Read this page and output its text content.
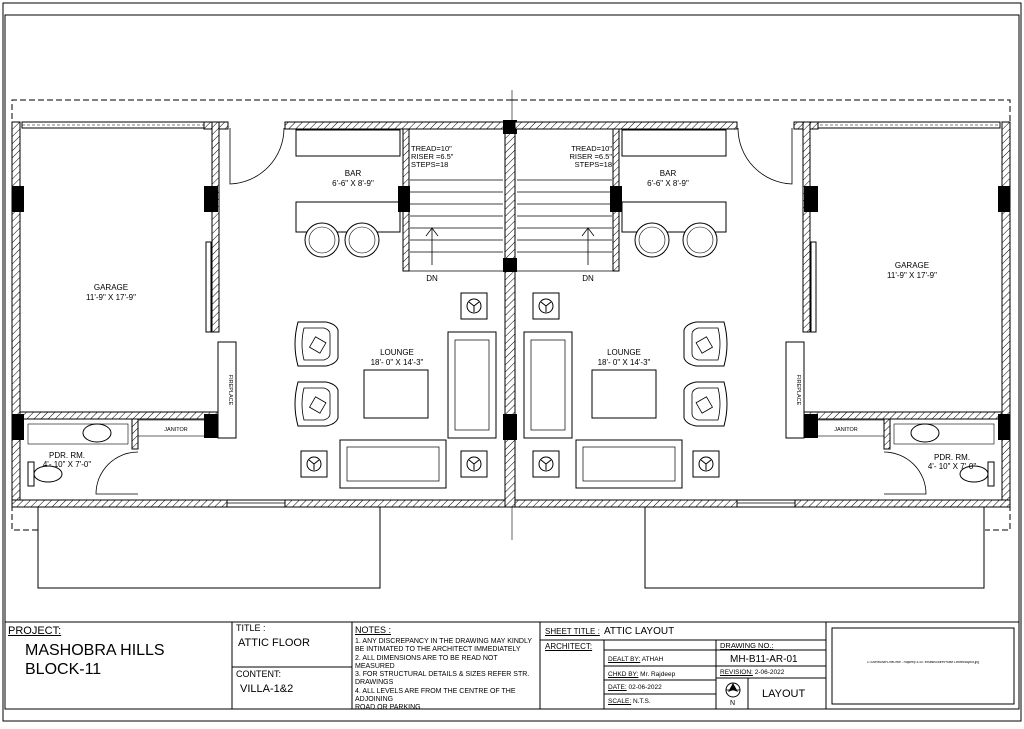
BAR
6'-6" X 8'-9"
BAR
6'-6" X 8'-9"
GARAGE
11'-9" X 17'-9"
GARAGE
11'-9" X 17'-9"
LOUNGE
18'- 0" X 14'-3"
LOUNGE
18'- 0" X 14'-3"
PDR. RM.
4'- 10" X 7'-0"
PDR. RM.
4'- 10" X 7'-0"
TREAD=10"
RISER =6.5"
STEPS=18
TREAD=10"
RISER =6.5"
STEPS=18
DN	DN
JANITOR	JANITOR
FIREPLACE	FIREPLACE
PROJECT:
MASHOBRA HILLS
BLOCK-11
TITLE :
ATTIC FLOOR
CONTENT:
VILLA-1&2
NOTES :
1. ANY DISCREPANCY IN THE DRAWING MAY KINDLY
BE INTIMATED TO THE ARCHITECT IMMEDIATELY
2. ALL DIMENSIONS ARE TO BE READ NOT MEASURED
3. FOR STRUCTURAL DETAILS & SIZES REFER STR.
DRAWINGS
4. ALL LEVELS ARE FROM THE CENTRE OF THE
ADJOINING
ROAD OR PARKING
SHEET TITLE : ATTIC LAYOUT
ARCHITECT:
DEALT BY: ATHAH
CHKD BY: Mr. Rajdeep
DATE: 02-06-2022
SCALE: N.T.S.
DRAWING NO.:
MH-B11-AR-01
REVISION: 2-06-2022
N
LAYOUT
C:\Users\user\OneDrive - Rajdeep & co. Infrastructure\Phase Limited\layout.jpg
